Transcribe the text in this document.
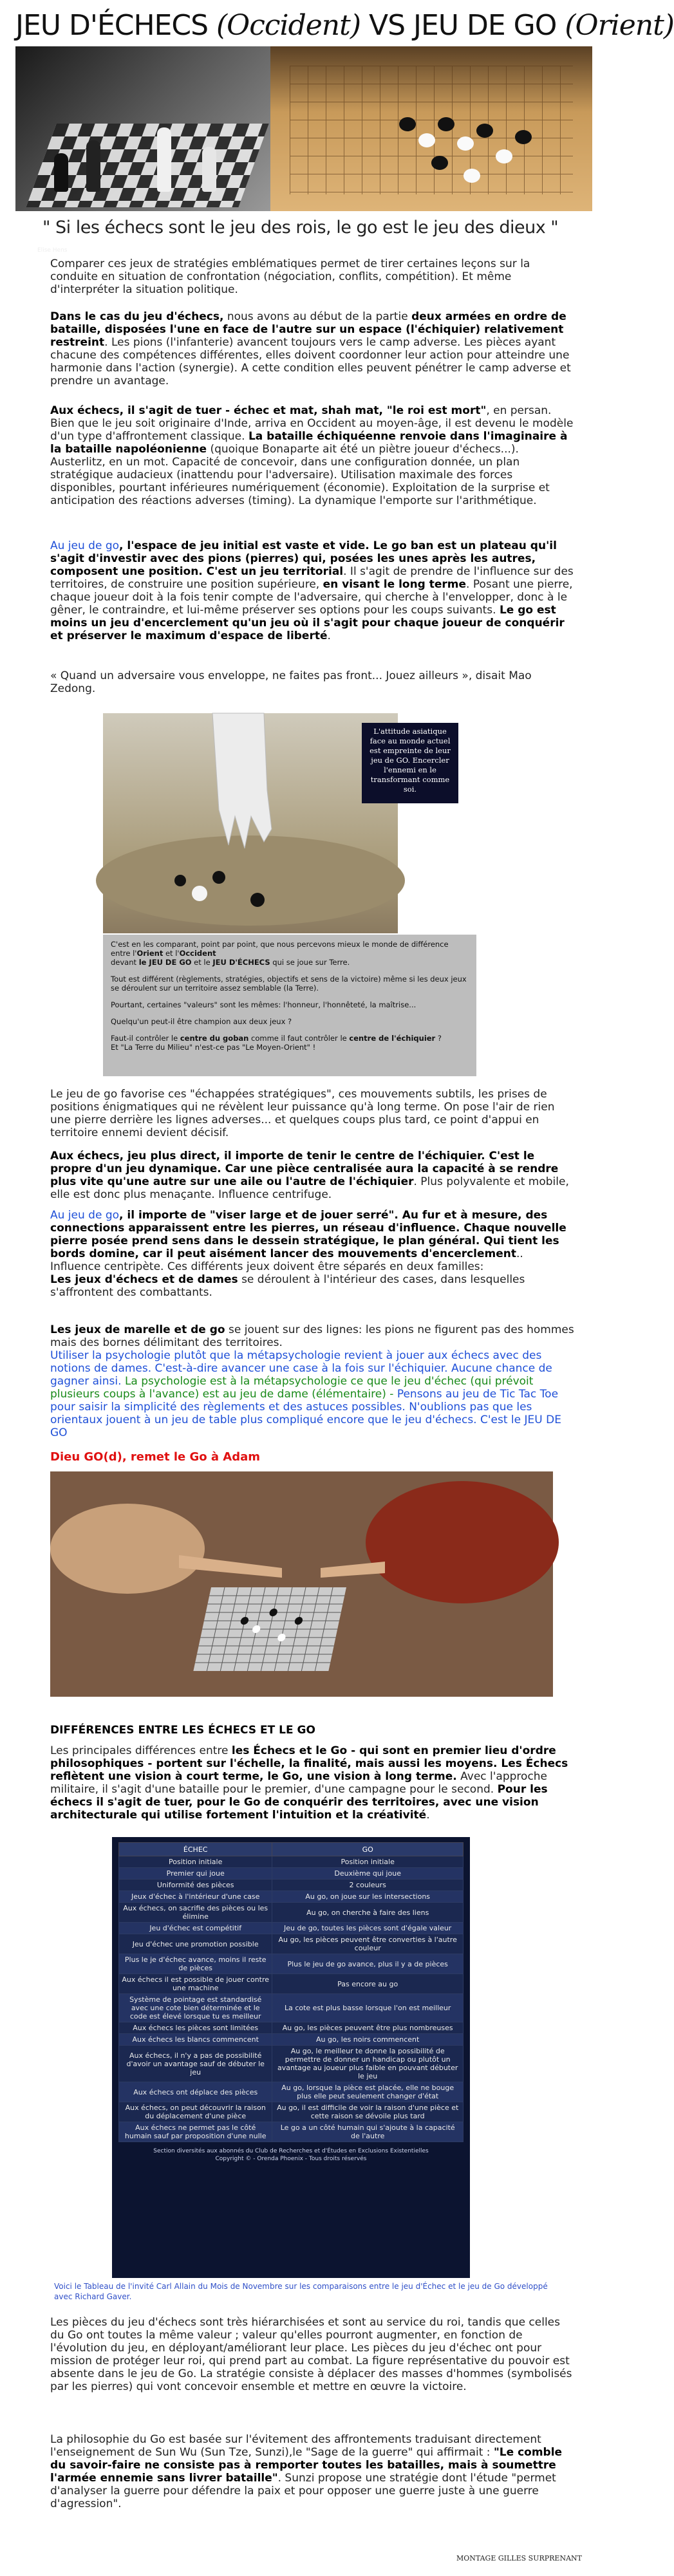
JEU D'ÉCHECS (Occident) VS JEU DE GO (Orient)
Elise Hens
" Si les échecs sont le jeu des rois, le go est le jeu des dieux "

Comparer ces jeux de stratégies emblématiques permet de tirer certaines leçons sur la conduite en situation de confrontation (négociation, conflits, compétition). Et même d'interpréter la situation politique.

Dans le cas du jeu d'échecs, nous avons au début de la partie deux armées en ordre de bataille, disposées l'une en face de l'autre sur un espace (l'échiquier) relativement restreint. Les pions (l'infanterie) avancent toujours vers le camp adverse. Les pièces ayant chacune des compétences différentes, elles doivent coordonner leur action pour atteindre une harmonie dans l'action (synergie). A cette condition elles peuvent pénétrer le camp adverse et prendre un avantage.

Aux échecs, il s'agit de tuer - échec et mat, shah mat, "le roi est mort", en persan. Bien que le jeu soit originaire d'Inde, arriva en Occident au moyen-âge, il est devenu le modèle d'un type d'affrontement classique. La bataille échiquéenne renvoie dans l'imaginaire à la bataille napoléonienne (quoique Bonaparte ait été un piètre joueur d'échecs...). Austerlitz, en un mot. Capacité de concevoir, dans une configuration donnée, un plan stratégique audacieux (inattendu pour l'adversaire). Utilisation maximale des forces disponibles, pourtant inférieures numériquement (économie). Exploitation de la surprise et anticipation des réactions adverses (timing). La dynamique l'emporte sur l'arithmétique.

Au jeu de go, l'espace de jeu initial est vaste et vide. Le go ban est un plateau qu'il s'agit d'investir avec des pions (pierres) qui, posées les unes après les autres, composent une position. C'est un jeu territorial. Il s'agit de prendre de l'influence sur des territoires, de construire une position supérieure, en visant le long terme. Posant une pierre, chaque joueur doit à la fois tenir compte de l'adversaire, qui cherche à l'envelopper, donc à le gêner, le contraindre, et lui-même préserver ses options pour les coups suivants. Le go est moins un jeu d'encerclement qu'un jeu où il s'agit pour chaque joueur de conquérir et préserver le maximum d'espace de liberté.

« Quand un adversaire vous enveloppe, ne faites pas front... Jouez ailleurs », disait Mao Zedong.

L'attitude asiatique face au monde actuel est empreinte de leur jeu de GO. Encercler l'ennemi en le transformant comme soi.

C'est en les comparant, point par point, que nous percevons mieux le monde de différence entre l'Orient et l'Occident

devant le JEU DE GO et le JEU D'ÉCHECS qui se joue sur Terre.

Tout est différent (règlements, stratégies, objectifs et sens de la victoire) même si les deux jeux se déroulent sur un territoire assez semblable (la Terre).

Pourtant, certaines "valeurs" sont les mêmes: l'honneur, l'honnêteté, la maîtrise...

Quelqu'un peut-il être champion aux deux jeux ?

Faut-il contrôler le centre du goban comme il faut contrôler le centre de l'échiquier ?

Et "La Terre du Milieu" n'est-ce pas "Le Moyen-Orient" !

Le jeu de go favorise ces "échappées stratégiques", ces mouvements subtils, les prises de positions énigmatiques qui ne révèlent leur puissance qu'à long terme. On pose l'air de rien une pierre derrière les lignes adverses... et quelques coups plus tard, ce point d'appui en territoire ennemi devient décisif.

Aux échecs, jeu plus direct, il importe de tenir le centre de l'échiquier. C'est le propre d'un jeu dynamique. Car une pièce centralisée aura la capacité à se rendre plus vite qu'une autre sur une aile ou l'autre de l'échiquier. Plus polyvalente et mobile, elle est donc plus menaçante. Influence centrifuge.

Au jeu de go, il importe de "viser large et de jouer serré". Au fur et à mesure, des connections apparaissent entre les pierres, un réseau d'influence. Chaque nouvelle pierre posée prend sens dans le dessein stratégique, le plan général. Qui tient les bords domine, car il peut aisément lancer des mouvements d'encerclement.. Influence centripète. Ces différents jeux doivent être séparés en deux familles:
Les jeux d'échecs et de dames se déroulent à l'intérieur des cases, dans lesquelles s'affrontent des combattants.

Les jeux de marelle et de go se jouent sur des lignes: les pions ne figurent pas des hommes mais des bornes délimitant des territoires.
Utiliser la psychologie plutôt que la métapsychologie revient à jouer aux échecs avec des notions de dames. C'est-à-dire avancer une case à la fois sur l'échiquier. Aucune chance de gagner ainsi. La psychologie est à la métapsychologie ce que le jeu d'échec (qui prévoit plusieurs coups à l'avance) est au jeu de dame (élémentaire) - Pensons au jeu de Tic Tac Toe pour saisir la simplicité des règlements et des astuces possibles. N'oublions pas que les orientaux jouent à un jeu de table plus compliqué encore que le jeu d'échecs. C'est le JEU DE GO

Dieu GO(d), remet le Go à Adam
DIFFÉRENCES ENTRE LES ÉCHECS ET LE GO

Les principales différences entre les Échecs et le Go - qui sont en premier lieu d'ordre philosophiques - portent sur l'échelle, la finalité, mais aussi les moyens. Les Échecs reflètent une vision à court terme, le Go, une vision à long terme. Avec l'approche militaire, il s'agit d'une bataille pour le premier, d'une campagne pour le second. Pour les échecs il s'agit de tuer, pour le Go de conquérir des territoires, avec une vision architecturale qui utilise fortement l'intuition et la créativité.

ÉCHEC	GO
Position initiale	Position initiale
Premier qui joue	Deuxième qui joue
Uniformité des pièces	2 couleurs
Jeux d'échec à l'intérieur d'une case	Au go, on joue sur les intersections
Aux échecs, on sacrifie des pièces ou les élimine	Au go, on cherche à faire des liens
Jeu d'échec est compétitif	Jeu de go, toutes les pièces sont d'égale valeur
Jeu d'échec une promotion possible	Au go, les pièces peuvent être converties à l'autre couleur
Plus le je d'échec avance, moins il reste de pièces	Plus le jeu de go avance, plus il y a de pièces
Aux échecs il est possible de jouer contre une machine	Pas encore au go
Système de pointage est standardisé avec une cote bien déterminée et le code est élevé lorsque tu es meilleur	La cote est plus basse lorsque l'on est meilleur
Aux échecs les pièces sont limitées	Au go, les pièces peuvent être plus nombreuses
Aux échecs les blancs commencent	Au go, les noirs commencent
Aux échecs, il n'y a pas de possibilité d'avoir un avantage sauf de débuter le jeu	Au go, le meilleur te donne la possibilité de permettre de donner un handicap ou plutôt un avantage au joueur plus faible en pouvant débuter le jeu
Aux échecs ont déplace des pièces	Au go, lorsque la pièce est placée, elle ne bouge plus elle peut seulement changer d'état
Aux échecs, on peut découvrir la raison du déplacement d'une pièce	Au go, il est difficile de voir la raison d'une pièce et cette raison se dévoile plus tard
Aux échecs ne permet pas le côté humain sauf par proposition d'une nulle	Le go a un côté humain qui s'ajoute à la capacité de l'autre
Section diversités aux abonnés du Club de Recherches et d'Études en Exclusions Existentielles
Copyright © - Orenda Phoenix - Tous droits réservés
Voici le Tableau de l'invité Carl Allain du Mois de Novembre sur les comparaisons entre le jeu d'Échec et le jeu de Go développé avec Richard Gaver.

Les pièces du jeu d'échecs sont très hiérarchisées et sont au service du roi, tandis que celles du Go ont toutes la même valeur ; valeur qu'elles pourront augmenter, en fonction de l'évolution du jeu, en déployant/améliorant leur place. Les pièces du jeu d'échec ont pour mission de protéger leur roi, qui prend part au combat. La figure représentative du pouvoir est absente dans le jeu de Go. La stratégie consiste à déplacer des masses d'hommes (symbolisés par les pierres) qui vont concevoir ensemble et mettre en œuvre la victoire.

La philosophie du Go est basée sur l'évitement des affrontements traduisant directement l'enseignement de Sun Wu (Sun Tze, Sunzi),le "Sage de la guerre" qui affirmait : "Le comble du savoir-faire ne consiste pas à remporter toutes les batailles, mais à soumettre l'armée ennemie sans livrer bataille". Sunzi propose une stratégie dont l'étude "permet d'analyser la guerre pour défendre la paix et pour opposer une guerre juste à une guerre d'agression".

MONTAGE GILLES SURPRENANT
